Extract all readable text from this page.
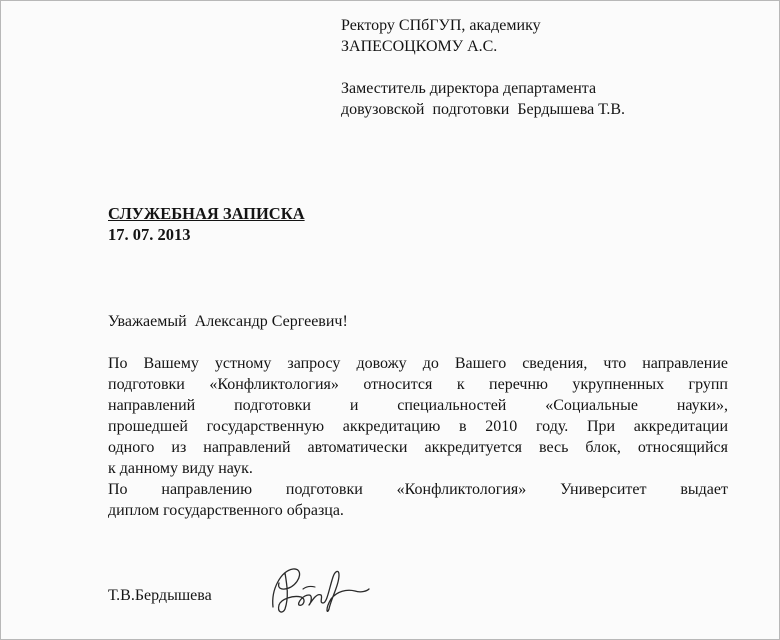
Ректору СПбГУП, академику
ЗАПЕСОЦКОМУ А.С.
Заместитель директора департамента
довузовской  подготовки  Бердышева Т.В.
СЛУЖЕБНАЯ ЗАПИСКА
17. 07. 2013
Уважаемый  Александр Сергеевич!
По Вашему устному запросу довожу до Вашего сведения, что направление
подготовки «Конфликтология» относится к перечню укрупненных групп
направлений подготовки и специальностей «Социальные науки»,
прошедшей государственную аккредитацию в 2010 году. При аккредитации
одного из направлений автоматически аккредитуется весь блок, относящийся
к данному виду наук.
По направлению подготовки «Конфликтология» Университет выдает
диплом государственного образца.
Т.В.Бердышева
